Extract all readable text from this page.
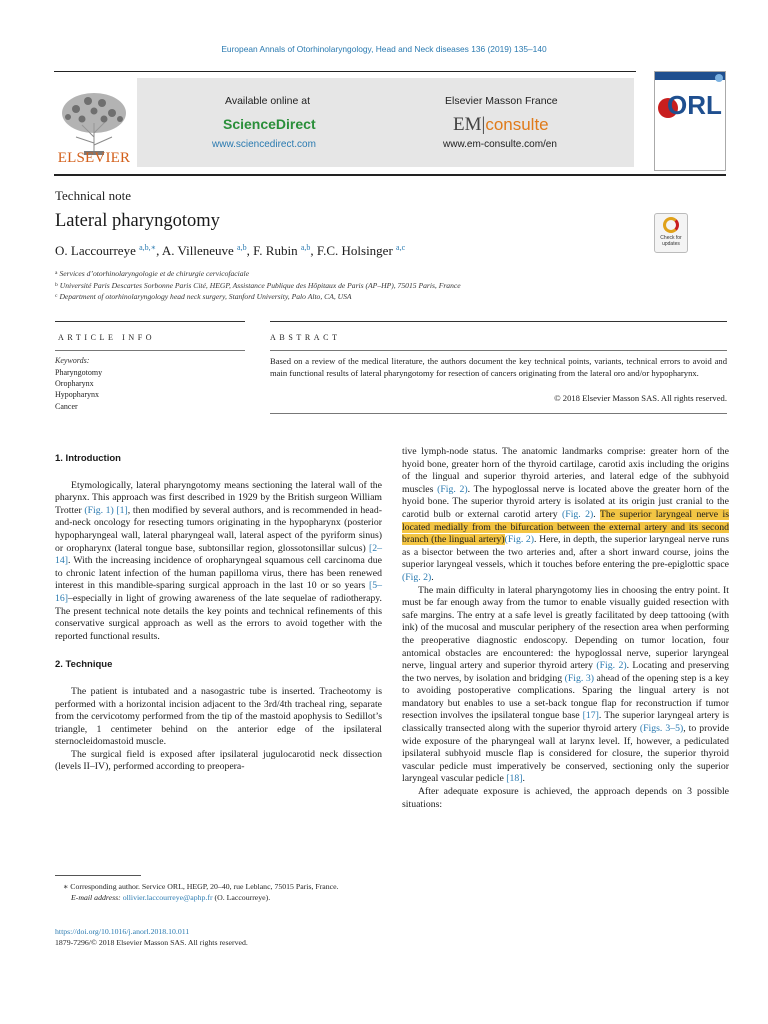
European Annals of Otorhinolaryngology, Head and Neck diseases 136 (2019) 135–140
ELSEVIER
Available online at
ScienceDirect
www.sciencedirect.com
Elsevier Masson France
EM|consulte
www.em-consulte.com/en
ORL
Technical note
Lateral pharyngotomy
Check for updates
O. Laccourreye $^{a,b,∗}$, A. Villeneuve $^{a,b}$, F. Rubin $^{a,b}$, F.C. Holsinger $^{a,c}$
$^a$ Services d’otorhinolaryngologie et de chirurgie cervicofaciale
$^b$ Université Paris Descartes Sorbonne Paris Cité, HEGP, Assistance Publique des Hôpitaux de Paris (AP–HP), 75015 Paris, France
$^c$ Department of otorhinolaryngology head neck surgery, Stanford University, Palo Alto, CA, USA
ARTICLE INFO	ABSTRACT
Keywords:
Pharyngotomy
Oropharynx
Hypopharynx
Cancer
Based on a review of the medical literature, the authors document the key technical points, variants, technical errors to avoid and main functional results of lateral pharyngotomy for resection of cancers originating from the lateral oro and/or hypopharynx.
© 2018 Elsevier Masson SAS. All rights reserved.
1. Introduction

Etymologically, lateral pharyngotomy means sectioning the lateral wall of the pharynx. This approach was first described in 1929 by the British surgeon William Trotter (Fig. 1) [1], then modified by several authors, and is recommended in head-and-neck oncology for resecting tumors originating in the hypopharynx (posterior hypopharyngeal wall, lateral pharyngeal wall, lateral aspect of the pyriform sinus) or oropharynx (lateral tongue base, subtonsillar region, glossotonsillar sulcus) [2–14]. With the increasing incidence of oropharyngeal squamous cell carcinoma due to chronic latent infection of the human papilloma virus, there has been renewed interest in this mandible-sparing surgical approach in the last 10 or so years [5–16]–especially in light of growing awareness of the late sequelae of radiotherapy. The present technical note details the key points and technical refinements of this conservative surgical approach as well as the errors to avoid together with the reported functional results.

2. Technique

The patient is intubated and a nasogastric tube is inserted. Tracheotomy is performed with a horizontal incision adjacent to the 3rd/4th tracheal ring, separate from the cervicotomy performed from the tip of the mastoid apophysis to Sedillot’s triangle, 1 centimeter behind on the anterior edge of the ipsilateral sternocleidomastoid muscle.

The surgical field is exposed after ipsilateral jugulocarotid neck dissection (levels II–IV), performed according to preopera-

tive lymph-node status. The anatomic landmarks comprise: greater horn of the hyoid bone, greater horn of the thyroid cartilage, carotid axis including the origins of the lingual and superior thyroid arteries, and lateral edge of the subhyoid muscles (Fig. 2). The hypoglossal nerve is located above the greater horn of the hyoid bone. The superior thyroid artery is isolated at its origin just cranial to the carotid bulb or external carotid artery (Fig. 2). The superior laryngeal nerve is located medially from the bifurcation between the external artery and its second branch (the lingual artery)(Fig. 2). Here, in depth, the superior laryngeal nerve runs as a bisector between the two arteries and, after a short inward course, joins the superior laryngeal vessels, which it touches before entering the pre-epiglottic space (Fig. 2).

The main difficulty in lateral pharyngotomy lies in choosing the entry point. It must be far enough away from the tumor to enable visually guided resection with safe margins. The entry at a safe level is greatly facilitated by deep tattooing (with ink) of the mucosal and muscular periphery of the resection area when performing the preoperative diagnostic endoscopy. Depending on tumor location, four antomical obstacles are encountered: the hypoglossal nerve, superior laryngeal nerve, lingual artery and superior thyroid artery (Fig. 2). Locating and preserving the two nerves, by isolation and bridging (Fig. 3) ahead of the opening step is a key to avoiding postoperative complications. Sparing the lingual artery is not mandatory but enables to use a set-back tongue flap for reconstruction if tumor resection involves the ipsilateral tongue base [17]. The superior laryngeal artery is classically transected along with the superior thyroid artery (Figs. 3–5), to provide wide exposure of the pharyngeal wall at larynx level. If, however, a pediculated ipsilateral subhyoid muscle flap is considered for closure, the superior thyroid vascular pedicle must imperatively be conserved, sectioning only the superior laryngeal vascular pedicle [18].

After adequate exposure is achieved, the approach depends on 3 possible situations:

∗ Corresponding author. Service ORL, HEGP, 20–40, rue Leblanc, 75015 Paris, France.
E-mail address: ollivier.laccourreye@aphp.fr (O. Laccourreye).
https://doi.org/10.1016/j.anorl.2018.10.011
1879-7296/© 2018 Elsevier Masson SAS. All rights reserved.
